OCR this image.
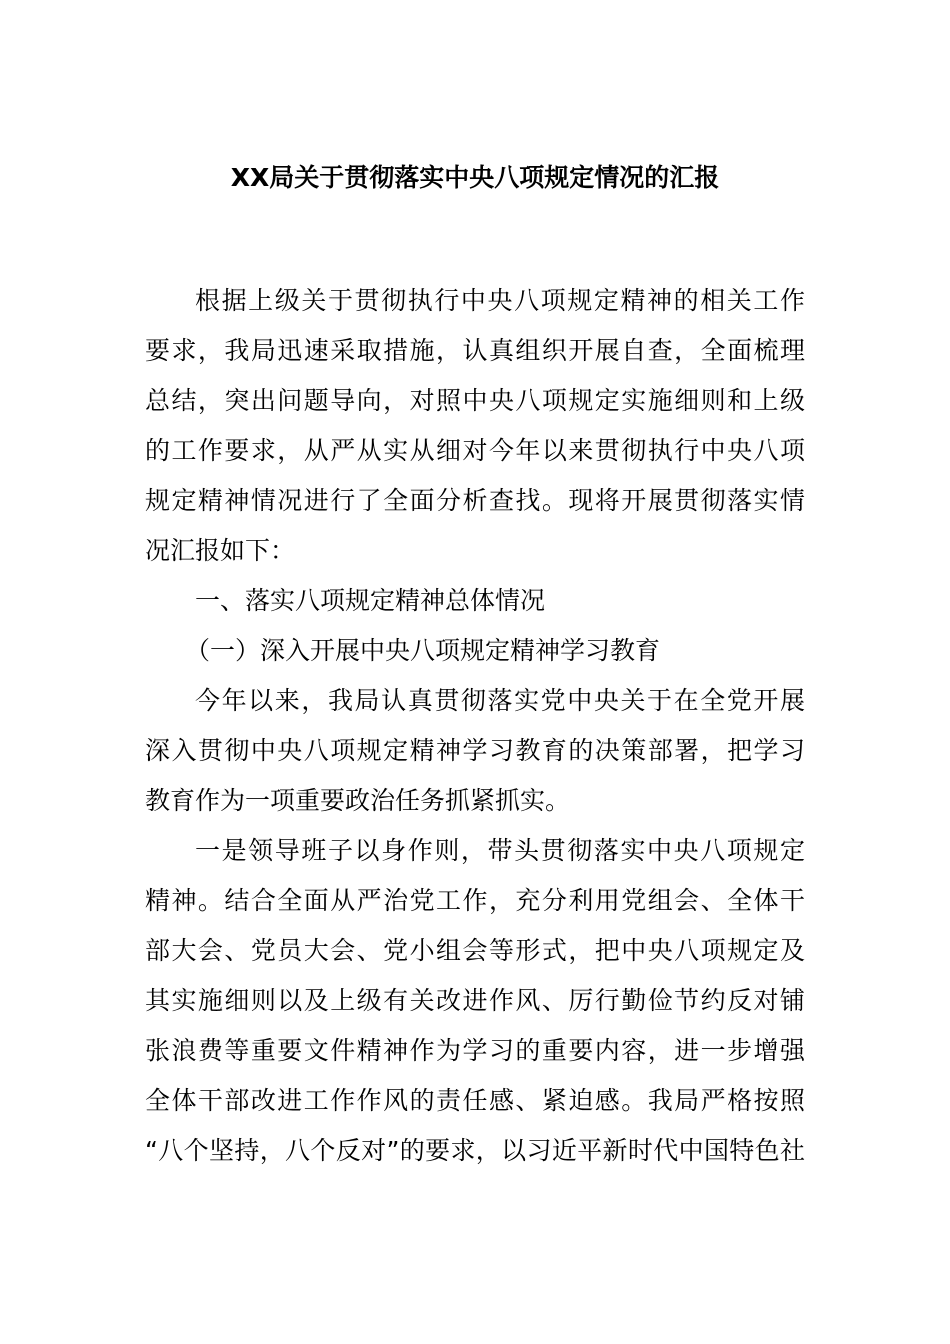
XX局关于贯彻落实中央八项规定情况的汇报
根据上级关于贯彻执行中央八项规定精神的相关工作
要求，我局迅速采取措施，认真组织开展自查，全面梳理
总结，突出问题导向，对照中央八项规定实施细则和上级
的工作要求，从严从实从细对今年以来贯彻执行中央八项
规定精神情况进行了全面分析查找。现将开展贯彻落实情
况汇报如下：
一、落实八项规定精神总体情况
（一）深入开展中央八项规定精神学习教育
今年以来，我局认真贯彻落实党中央关于在全党开展
深入贯彻中央八项规定精神学习教育的决策部署，把学习
教育作为一项重要政治任务抓紧抓实。
一是领导班子以身作则，带头贯彻落实中央八项规定
精神。结合全面从严治党工作，充分利用党组会、全体干
部大会、党员大会、党小组会等形式，把中央八项规定及
其实施细则以及上级有关改进作风、厉行勤俭节约反对铺
张浪费等重要文件精神作为学习的重要内容，进一步增强
全体干部改进工作作风的责任感、紧迫感。我局严格按照
“八个坚持，八个反对”的要求，以习近平新时代中国特色社
